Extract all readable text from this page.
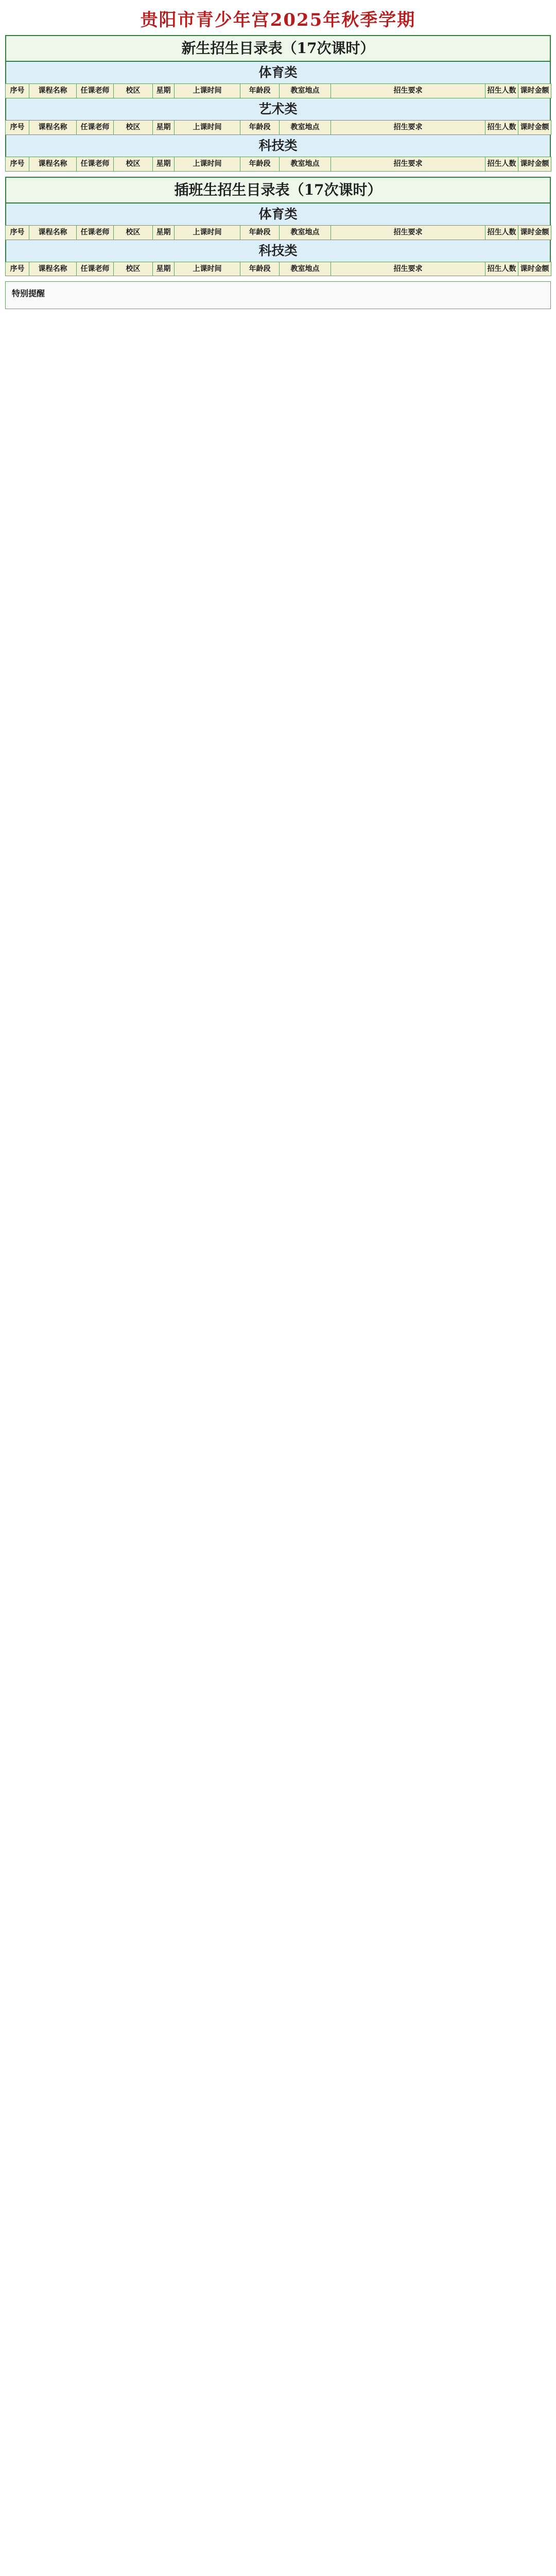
贵阳市青少年宫2025年秋季学期
新生招生目录表（17次课时）
体育类
序号	课程名称	任课老师	校区	星期	上课时间	年龄段	教室地点	招生要求	招生人数	课时金额
艺术类
序号	课程名称	任课老师	校区	星期	上课时间	年龄段	教室地点	招生要求	招生人数	课时金额
科技类
序号	课程名称	任课老师	校区	星期	上课时间	年龄段	教室地点	招生要求	招生人数	课时金额
插班生招生目录表（17次课时）
体育类
序号	课程名称	任课老师	校区	星期	上课时间	年龄段	教室地点	招生要求	招生人数	课时金额
科技类
序号	课程名称	任课老师	校区	星期	上课时间	年龄段	教室地点	招生要求	招生人数	课时金额
特别提醒
